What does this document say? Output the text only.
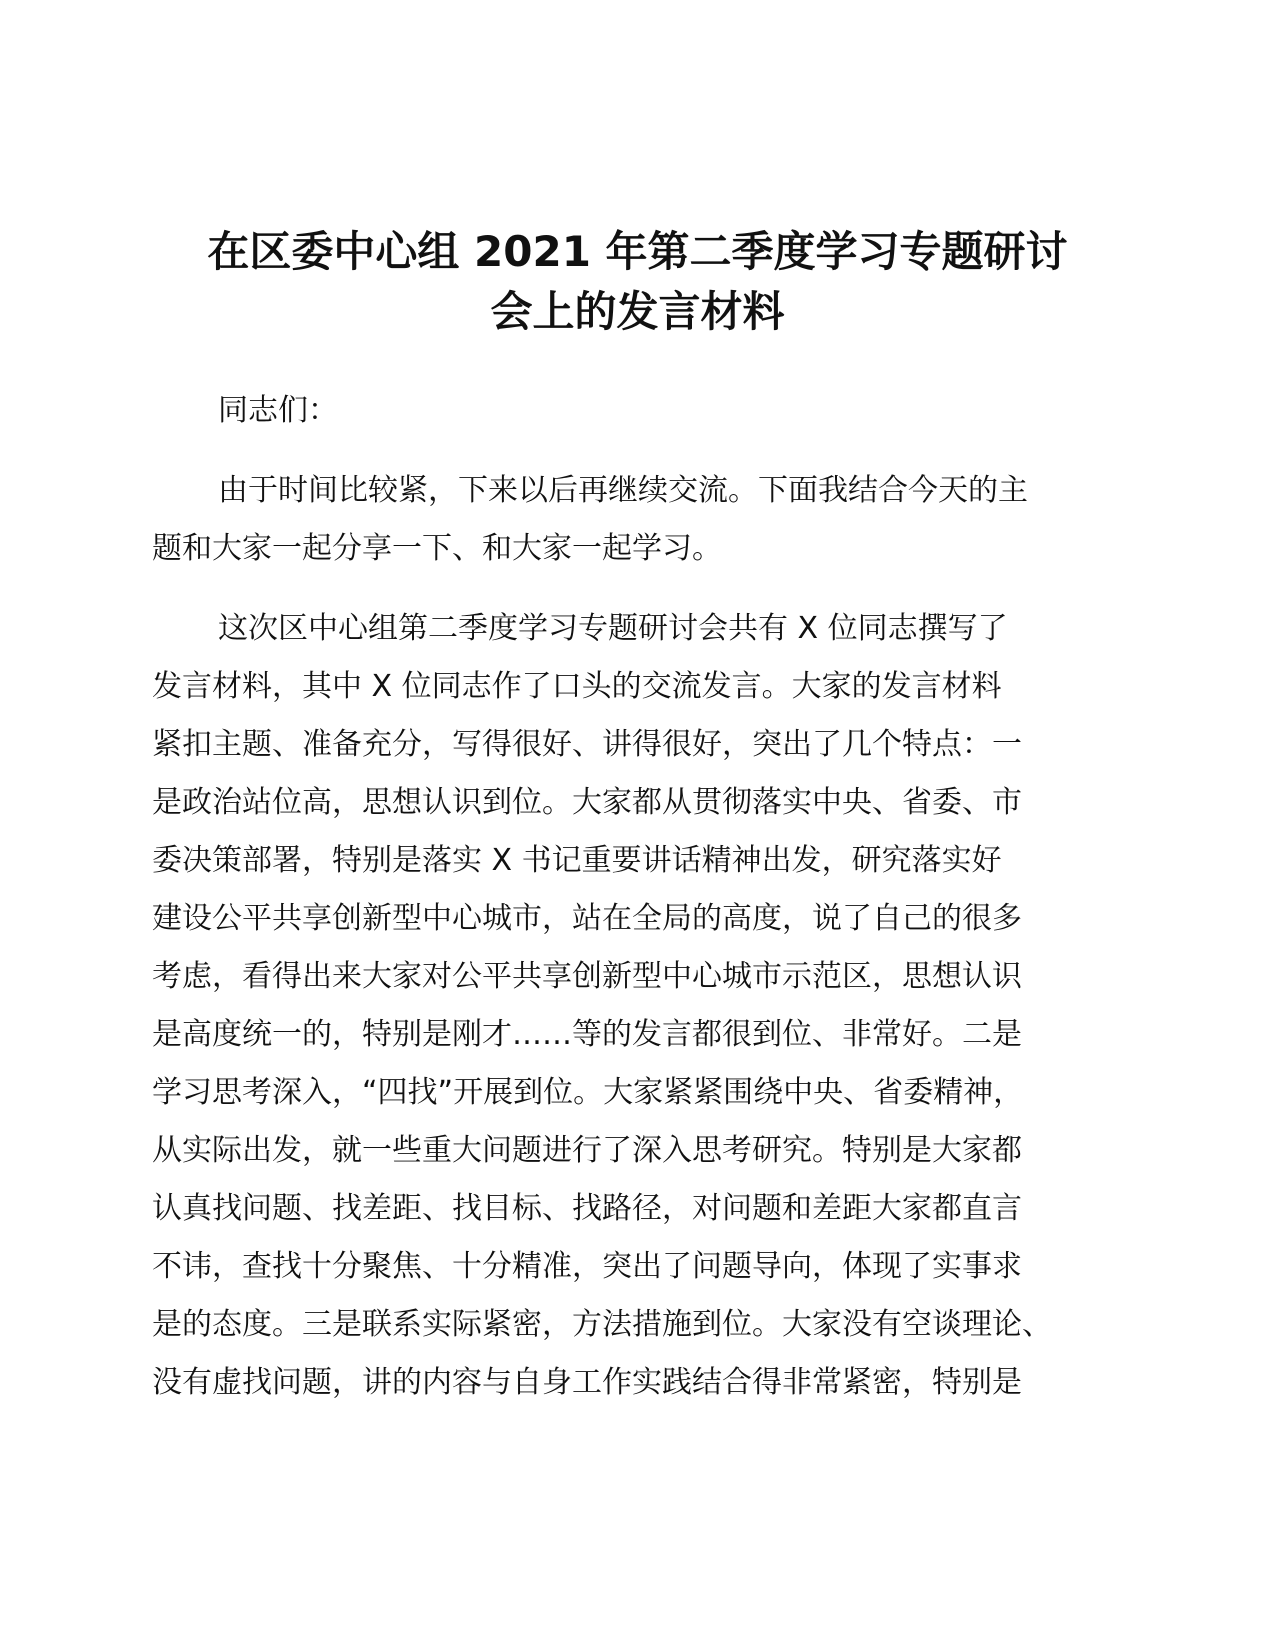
在区委中心组 2021 年第二季度学习专题研讨
会上的发言材料

同志们：

由于时间比较紧，下来以后再继续交流。下面我结合今天的主
题和大家一起分享一下、和大家一起学习。

这次区中心组第二季度学习专题研讨会共有 X 位同志撰写了
发言材料，其中 X 位同志作了口头的交流发言。大家的发言材料
紧扣主题、准备充分，写得很好、讲得很好，突出了几个特点：一
是政治站位高，思想认识到位。大家都从贯彻落实中央、省委、市
委决策部署，特别是落实 X 书记重要讲话精神出发，研究落实好
建设公平共享创新型中心城市，站在全局的高度，说了自己的很多
考虑，看得出来大家对公平共享创新型中心城市示范区，思想认识
是高度统一的，特别是刚才……等的发言都很到位、非常好。二是
学习思考深入，“四找”开展到位。大家紧紧围绕中央、省委精神，
从实际出发，就一些重大问题进行了深入思考研究。特别是大家都
认真找问题、找差距、找目标、找路径，对问题和差距大家都直言
不讳，查找十分聚焦、十分精准，突出了问题导向，体现了实事求
是的态度。三是联系实际紧密，方法措施到位。大家没有空谈理论、
没有虚找问题，讲的内容与自身工作实践结合得非常紧密，特别是
